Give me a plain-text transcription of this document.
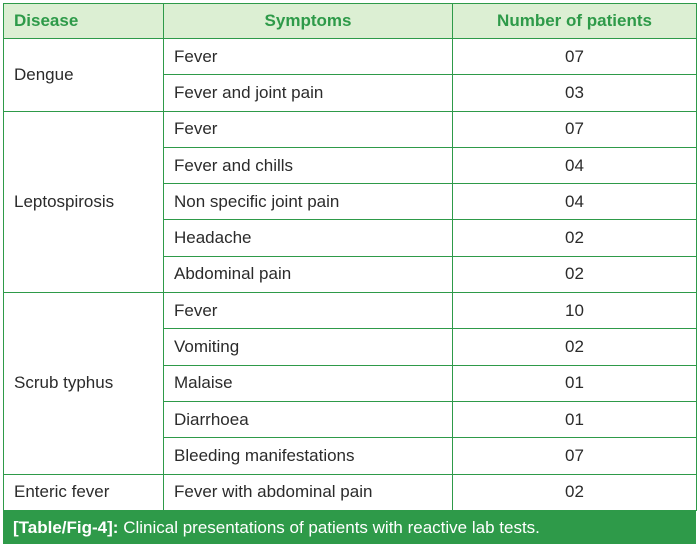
Disease	Symptoms	Number of patients
Dengue	Fever	07
	Fever and joint pain	03
Leptospirosis	Fever	07
	Fever and chills	04
	Non specific joint pain	04
	Headache	02
	Abdominal pain	02
Scrub typhus	Fever	10
	Vomiting	02
	Malaise	01
	Diarrhoea	01
	Bleeding manifestations	07
Enteric fever	Fever with abdominal pain	02
[Table/Fig-4]: Clinical presentations of patients with reactive lab tests.
